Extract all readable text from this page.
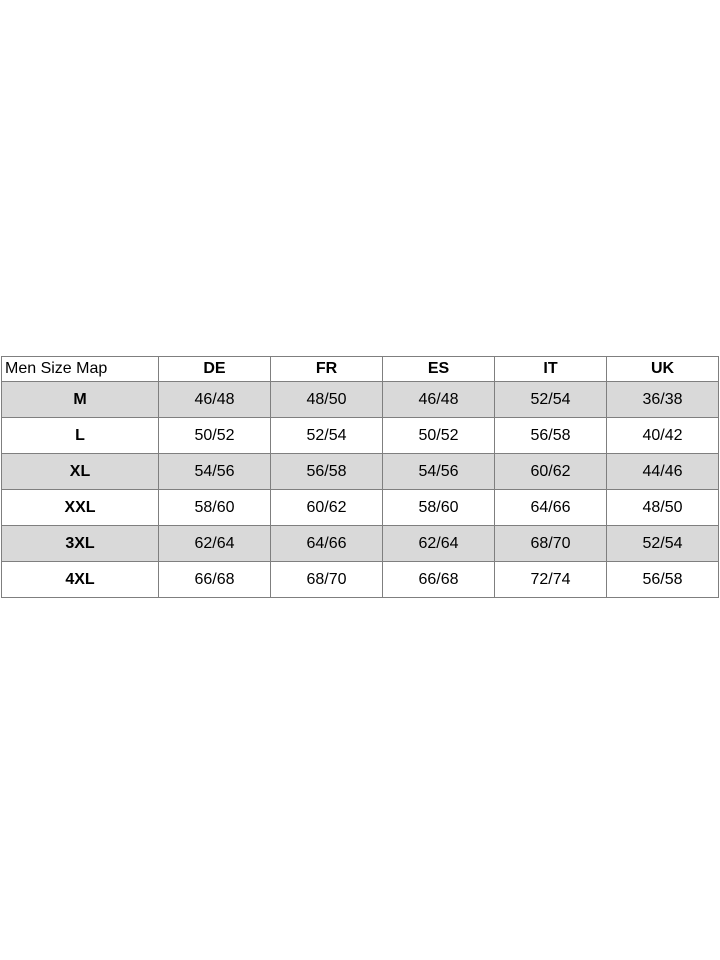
Men Size Map	DE	FR	ES	IT	UK
M	46/48	48/50	46/48	52/54	36/38
L	50/52	52/54	50/52	56/58	40/42
XL	54/56	56/58	54/56	60/62	44/46
XXL	58/60	60/62	58/60	64/66	48/50
3XL	62/64	64/66	62/64	68/70	52/54
4XL	66/68	68/70	66/68	72/74	56/58
